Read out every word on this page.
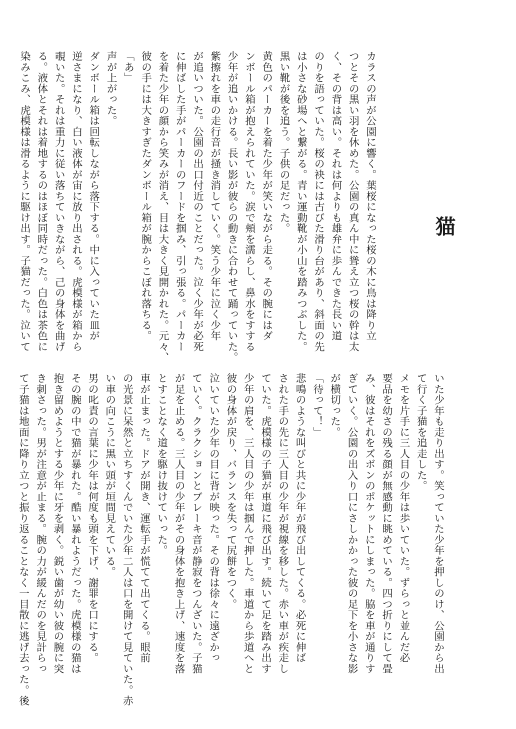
猫

カラスの声が公園に響く。葉桜になった桜の木に鳥は降り立

つとその黒い羽を休めた。公園の真ん中に聳え立つ桜の幹は太

く、その背は高い。それは何よりも雄弁に歩んできた長い道

のりを語っていた。桜の袂には古びた滑り台があり、斜面の先

は小さな砂場へと繋がる。青い運動靴が小山を踏みつぶした。

黒い靴が後を追う。子供の足だった。

黄色のパーカーを着た少年が笑いながら走る。その腕にはダ

ンボール箱が抱えられていた。涙で頬を濡らし、鼻水をすする

少年が追いかける。長い影が彼らの動きに合わせて踊っていた。

紫擦れを車の走行音が掻き消していく。笑う少年に泣く少年

が追いついた。公園の出口付近のことだった。泣く少年が必死

に伸ばした手がパーカーのフードを掴み、引っ張る。パーカー

を着た少年の顔から笑みが消え、目は大きく見開かれた。元々、

彼の手には大きすぎたダンボール箱が腕からこぼれ落ちる。

「あ」

声が上がった。

ダンボール箱は回転しながら落下する。中に入っていた皿が

逆さまになり、白い液体が宙に放り出される。虎模様が箱から

覗いた。それは重力に従い落ちていきながら、己の身体を曲げ

る。液体とそれは着地するのはほぼ同時だった。白色は茶色に

染みこみ、虎模様は滑るように駆け出す。子猫だった。泣いて

いた少年も走り出す。笑っていた少年を押しのけ、公園から出

て行く子猫を追走した。

メモを片手に三人目の少年は歩いていた。ずらっと並んだ必

要品を幼さの残る顔が無感動に眺めている。四つ折りにして畳

み、彼はそれをズボンのポケットにしまった。脇を車が通りす

ぎていく。公園の出入り口にさしかかった彼の足下を小さな影

が横切った。

「待って！」

悲鳴のような叫びと共に少年が飛び出してくる。必死に伸ば

された手の先に三人目の少年が視線を移した。赤い車が疾走し

ていた。虎模様の子猫が車道に飛び出す。続いて足を踏み出す

少年の肩を、三人目の少年は掴んで押した。車道から歩道へと

彼の身体が戻り、バランスを失って尻餅をつく。

泣いていた少年の目に背が映った。その背は徐々に遠ざかっ

ていく。クラクションとブレーキ音が静寂をつんざいた。子猫

が足を止める。三人目の少年がその身体を抱き上げ、速度を落

とすことなく道を駆け抜けていった。

車が止まった。ドアが開き、運転手が慌てて出てくる。眼前

の光景に呆然と立ちすくんでいた少年二人は口を開けて見ていた。赤

い車の向こうに黒い頭が垣間見えている。

男の叱責の言葉に少年は何度も頭を下げ、謝罪を口にする。

その腕の中で猫が暴れた。酷い暴れようだった。虎模様の猫は

抱き留めようとする少年に牙を剥く。鋭い歯が幼い彼の腕に突

き刺さった。男が注意が止まる。腕の力が緩んだのを見計らっ

て子猫は地面に降り立つと振り返ることなく一目散に逃げ去った。後
